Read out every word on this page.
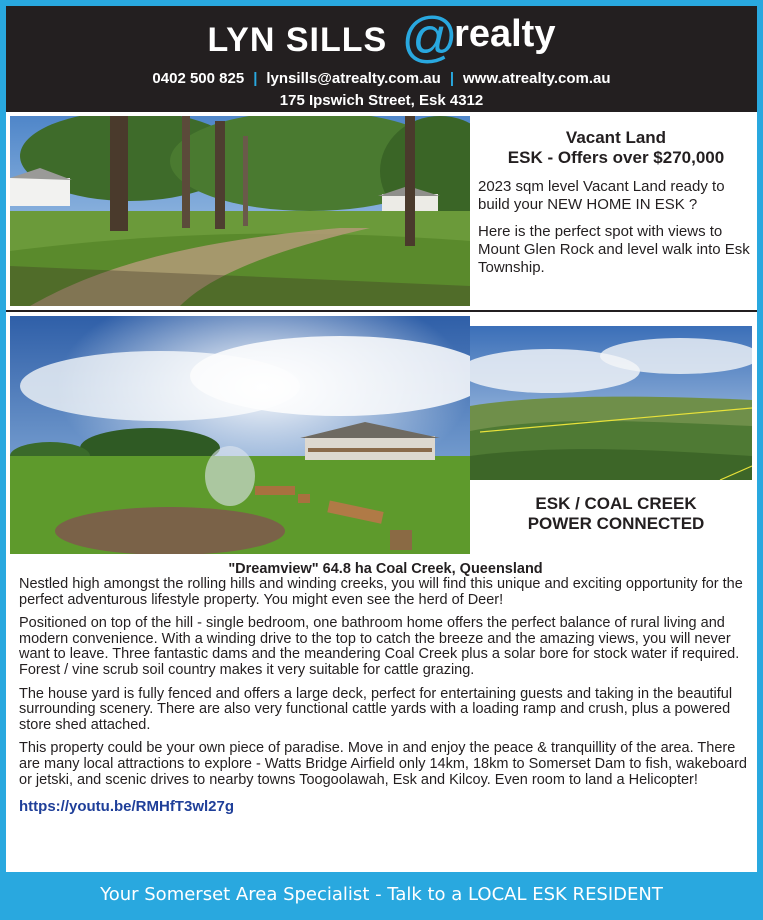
LYN SILLS @realty
0402 500 825 | lynsills@atrealty.com.au | www.atrealty.com.au
175 Ipswich Street, Esk 4312
Vacant Land
ESK - Offers over $270,000

2023 sqm level Vacant Land ready to build your NEW HOME IN ESK ?

Here is the perfect spot with views to Mount Glen Rock and level walk into Esk Township.

ESK / COAL CREEK
POWER CONNECTED
"Dreamview" 64.8 ha Coal Creek, Queensland

Nestled high amongst the rolling hills and winding creeks, you will find this unique and exciting opportunity for the perfect adventurous lifestyle property. You might even see the herd of Deer!

Positioned on top of the hill - single bedroom, one bathroom home offers the perfect balance of rural living and modern convenience. With a winding drive to the top to catch the breeze and the amazing views, you will never want to leave. Three fantastic dams and the meandering Coal Creek plus a solar bore for stock water if required. Forest / vine scrub soil country makes it very suitable for cattle grazing.

The house yard is fully fenced and offers a large deck, perfect for entertaining guests and taking in the beautiful surrounding scenery. There are also very functional cattle yards with a loading ramp and crush, plus a powered store shed attached.

This property could be your own piece of paradise. Move in and enjoy the peace & tranquillity of the area. There are many local attractions to explore - Watts Bridge Airfield only 14km, 18km to Somerset Dam to fish, wakeboard or jetski, and scenic drives to nearby towns Toogoolawah, Esk and Kilcoy. Even room to land a Helicopter!

https://youtu.be/RMHfT3wl27g
Your Somerset Area Specialist - Talk to a LOCAL ESK RESIDENT
